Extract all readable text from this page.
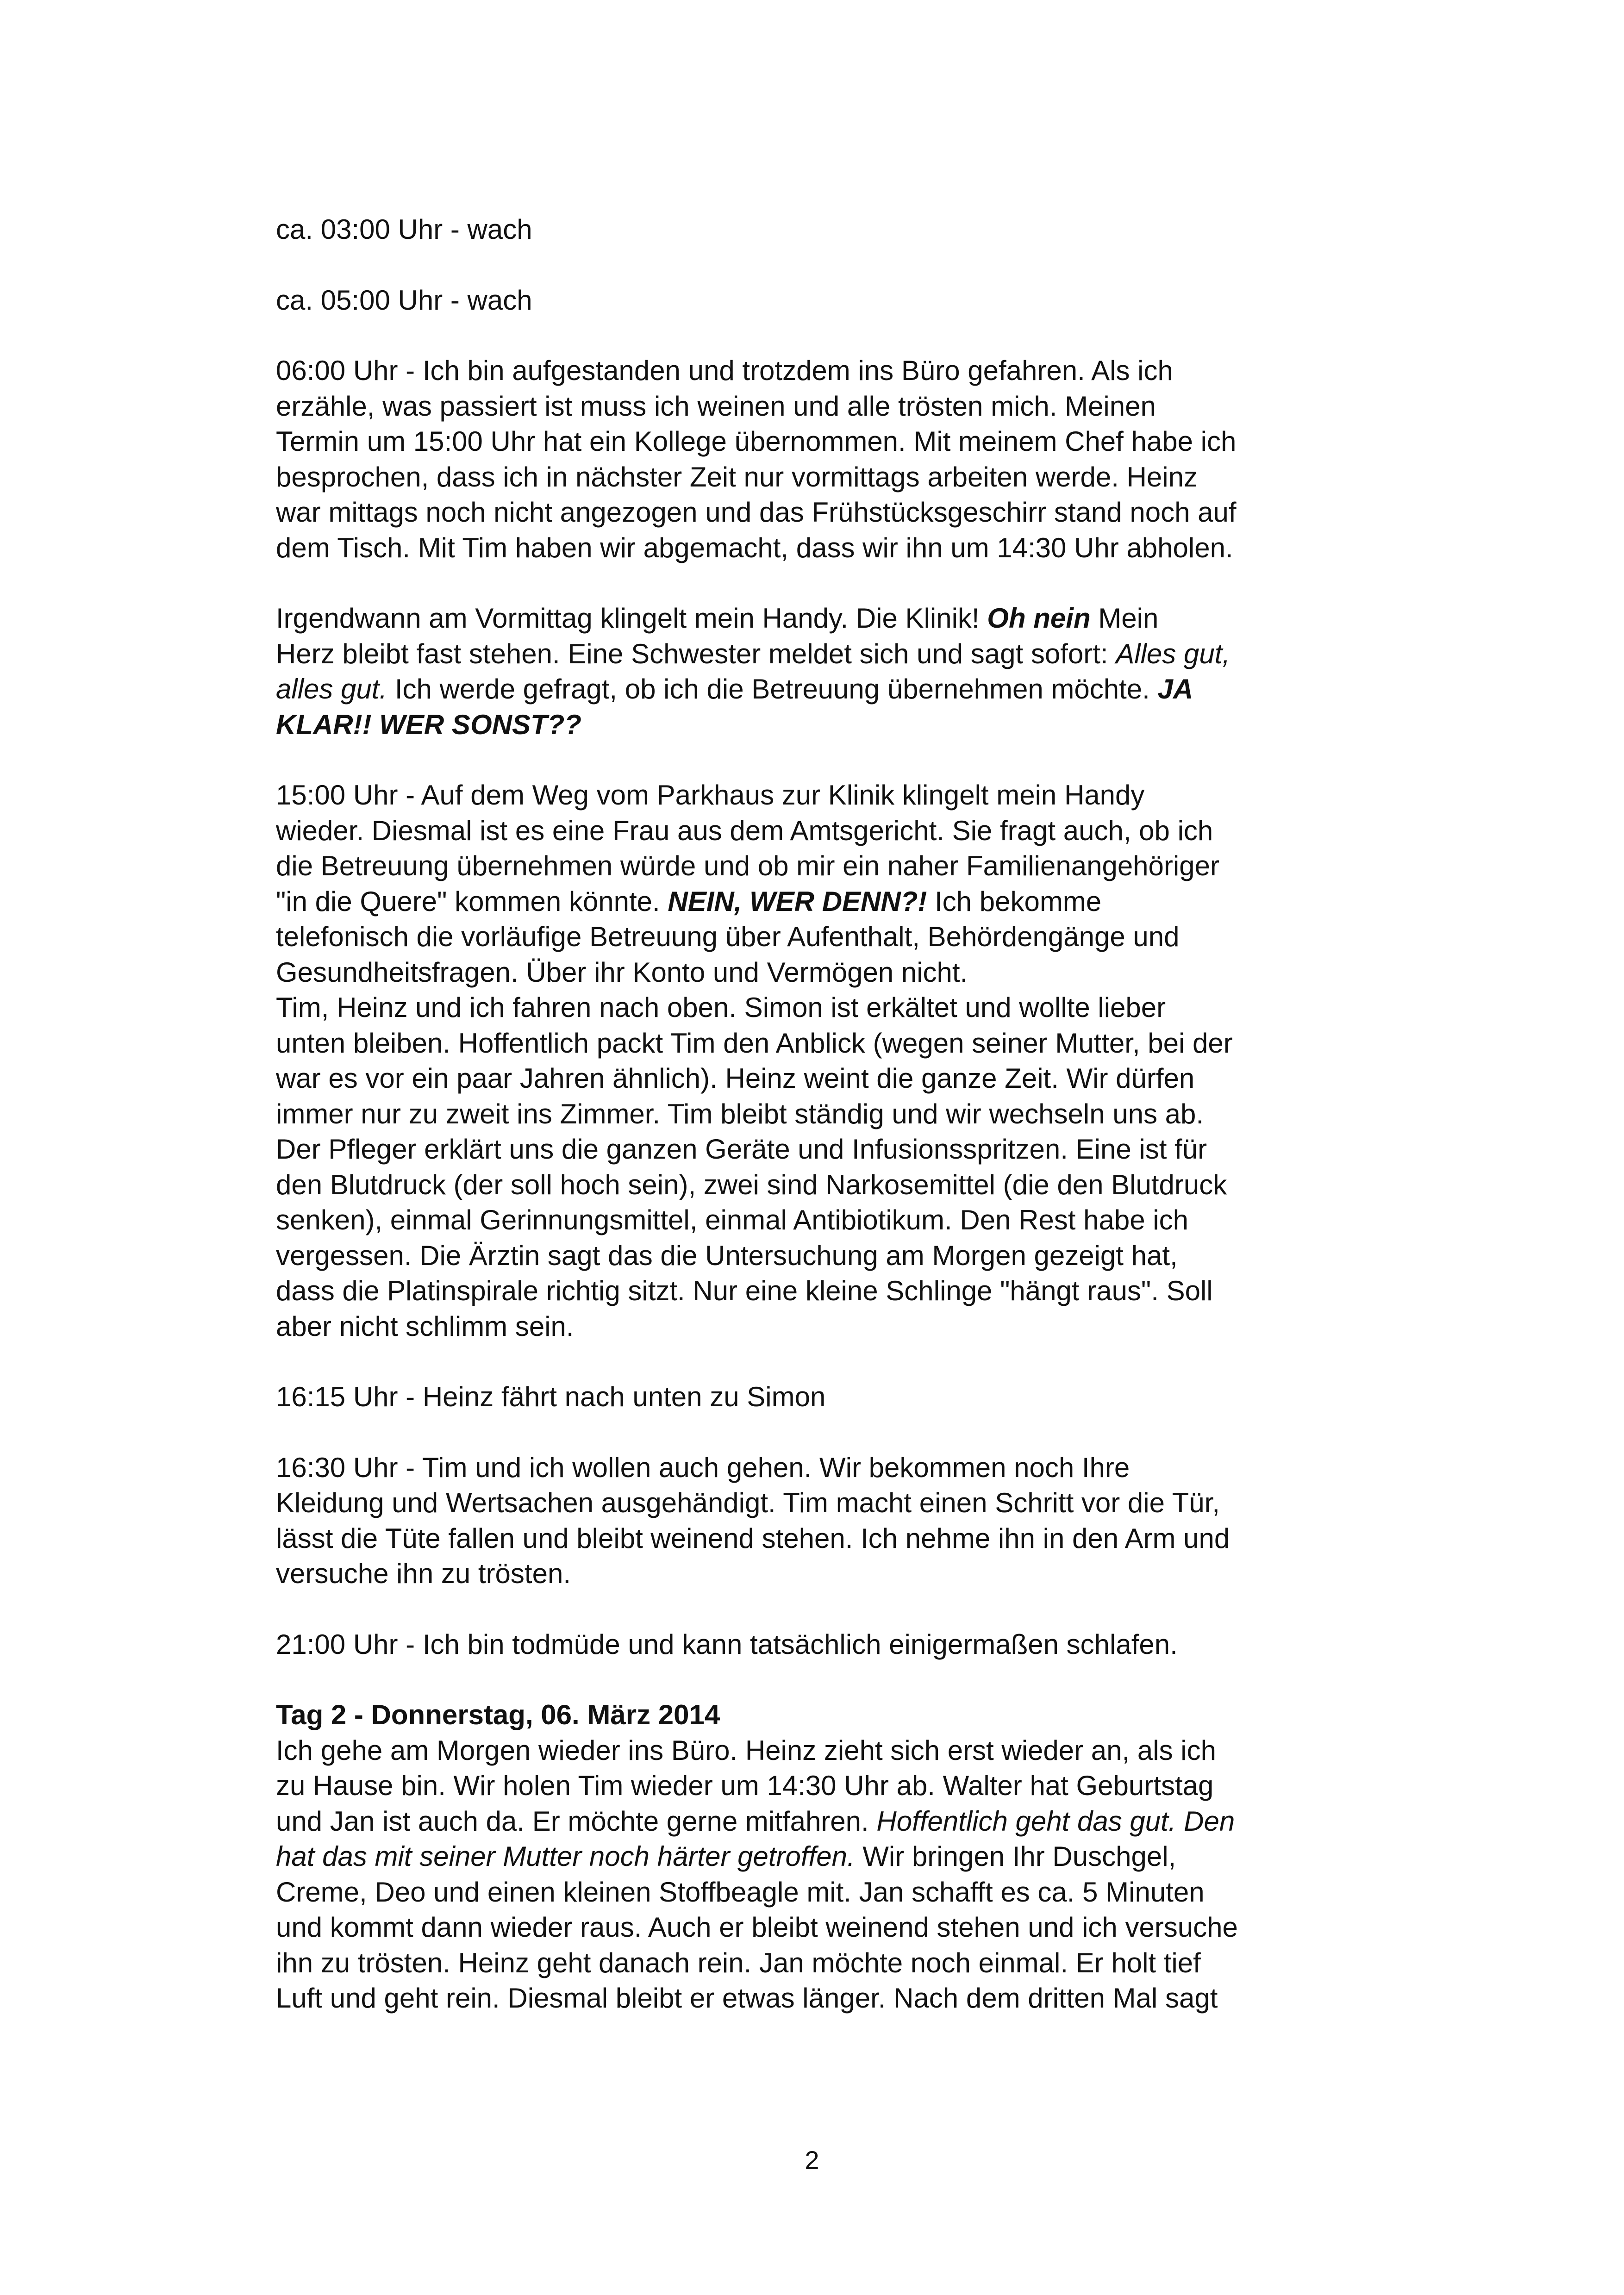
ca. 03:00 Uhr - wach

ca. 05:00 Uhr - wach

06:00 Uhr - Ich bin aufgestanden und trotzdem ins Büro gefahren. Als ich

erzähle, was passiert ist muss ich weinen und alle trösten mich. Meinen

Termin um 15:00 Uhr hat ein Kollege übernommen. Mit meinem Chef habe ich

besprochen, dass ich in nächster Zeit nur vormittags arbeiten werde. Heinz

war mittags noch nicht angezogen und das Frühstücksgeschirr stand noch auf

dem Tisch. Mit Tim haben wir abgemacht, dass wir ihn um 14:30 Uhr abholen.

Irgendwann am Vormittag klingelt mein Handy. Die Klinik! Oh nein Mein

Herz bleibt fast stehen. Eine Schwester meldet sich und sagt sofort: Alles gut,

alles gut. Ich werde gefragt, ob ich die Betreuung übernehmen möchte. JA

KLAR!! WER SONST??

15:00 Uhr - Auf dem Weg vom Parkhaus zur Klinik klingelt mein Handy

wieder. Diesmal ist es eine Frau aus dem Amtsgericht. Sie fragt auch, ob ich

die Betreuung übernehmen würde und ob mir ein naher Familienangehöriger

"in die Quere" kommen könnte. NEIN, WER DENN?! Ich bekomme

telefonisch die vorläufige Betreuung über Aufenthalt, Behördengänge und

Gesundheitsfragen. Über ihr Konto und Vermögen nicht.

Tim, Heinz und ich fahren nach oben. Simon ist erkältet und wollte lieber

unten bleiben. Hoffentlich packt Tim den Anblick (wegen seiner Mutter, bei der

war es vor ein paar Jahren ähnlich). Heinz weint die ganze Zeit. Wir dürfen

immer nur zu zweit ins Zimmer. Tim bleibt ständig und wir wechseln uns ab.

Der Pfleger erklärt uns die ganzen Geräte und Infusionsspritzen. Eine ist für

den Blutdruck (der soll hoch sein), zwei sind Narkosemittel (die den Blutdruck

senken), einmal Gerinnungsmittel, einmal Antibiotikum. Den Rest habe ich

vergessen. Die Ärztin sagt das die Untersuchung am Morgen gezeigt hat,

dass die Platinspirale richtig sitzt. Nur eine kleine Schlinge "hängt raus". Soll

aber nicht schlimm sein.

16:15 Uhr - Heinz fährt nach unten zu Simon

16:30 Uhr - Tim und ich wollen auch gehen. Wir bekommen noch Ihre

Kleidung und Wertsachen ausgehändigt. Tim macht einen Schritt vor die Tür,

lässt die Tüte fallen und bleibt weinend stehen. Ich nehme ihn in den Arm und

versuche ihn zu trösten.

21:00 Uhr - Ich bin todmüde und kann tatsächlich einigermaßen schlafen.

Tag 2 - Donnerstag, 06. März 2014

Ich gehe am Morgen wieder ins Büro. Heinz zieht sich erst wieder an, als ich

zu Hause bin. Wir holen Tim wieder um 14:30 Uhr ab. Walter hat Geburtstag

und Jan ist auch da. Er möchte gerne mitfahren. Hoffentlich geht das gut. Den

hat das mit seiner Mutter noch härter getroffen. Wir bringen Ihr Duschgel,

Creme, Deo und einen kleinen Stoffbeagle mit. Jan schafft es ca. 5 Minuten

und kommt dann wieder raus. Auch er bleibt weinend stehen und ich versuche

ihn zu trösten. Heinz geht danach rein. Jan möchte noch einmal. Er holt tief

Luft und geht rein. Diesmal bleibt er etwas länger. Nach dem dritten Mal sagt

2
